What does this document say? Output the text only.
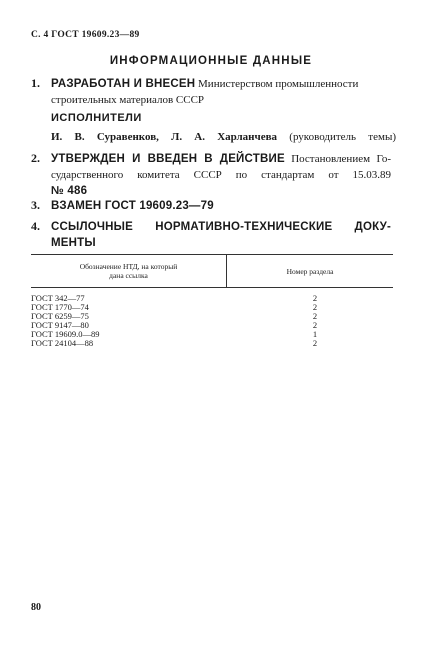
С. 4 ГОСТ 19609.23—89
ИНФОРМАЦИОННЫЕ ДАННЫЕ
1. РАЗРАБОТАН И ВНЕСЕН Министерством промышленности
строительных материалов СССР
ИСПОЛНИТЕЛИ
И. В. Суравенков, Л. А. Харланчева (руководитель темы)
2. УТВЕРЖДЕН И ВВЕДЕН В ДЕЙСТВИЕ Постановлением Го-
сударственного комитета СССР по стандартам от 15.03.89
№ 486
3. ВЗАМЕН ГОСТ 19609.23—79
4. ССЫЛОЧНЫЕ НОРМАТИВНО-ТЕХНИЧЕСКИЕ ДОКУ-
МЕНТЫ
Обозначение НТД, на который
дана ссылка	Номер раздела
ГОСТ 342—77	2
ГОСТ 1770—74	2
ГОСТ 6259—75	2
ГОСТ 9147—80	2
ГОСТ 19609.0—89	1
ГОСТ 24104—88	2
80
